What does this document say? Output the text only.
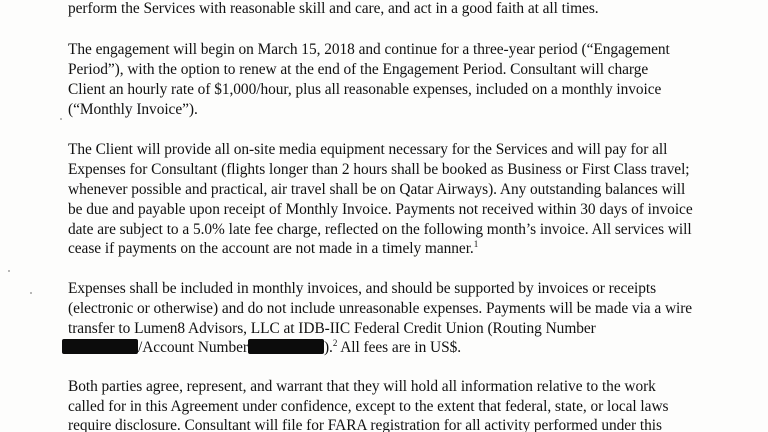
perform the Services with reasonable skill and care, and act in a good faith at all times.
The engagement will begin on March 15, 2018 and continue for a three-year period (“Engagement
Period”), with the option to renew at the end of the Engagement Period. Consultant will charge
Client an hourly rate of $1,000/hour, plus all reasonable expenses, included on a monthly invoice
(“Monthly Invoice”).
The Client will provide all on-site media equipment necessary for the Services and will pay for all
Expenses for Consultant (flights longer than 2 hours shall be booked as Business or First Class travel;
whenever possible and practical, air travel shall be on Qatar Airways). Any outstanding balances will
be due and payable upon receipt of Monthly Invoice. Payments not received within 30 days of invoice
date are subject to a 5.0% late fee charge, reflected on the following month’s invoice. All services will
cease if payments on the account are not made in a timely manner.$^1$
Expenses shall be included in monthly invoices, and should be supported by invoices or receipts
(electronic or otherwise) and do not include unreasonable expenses. Payments will be made via a wire
transfer to Lumen8 Advisors, LLC at IDB-IIC Federal Credit Union (Routing Number
/Account Number	).$^2$ All fees are in US$.
Both parties agree, represent, and warrant that they will hold all information relative to the work
called for in this Agreement under confidence, except to the extent that federal, state, or local laws
require disclosure. Consultant will file for FARA registration for all activity performed under this
